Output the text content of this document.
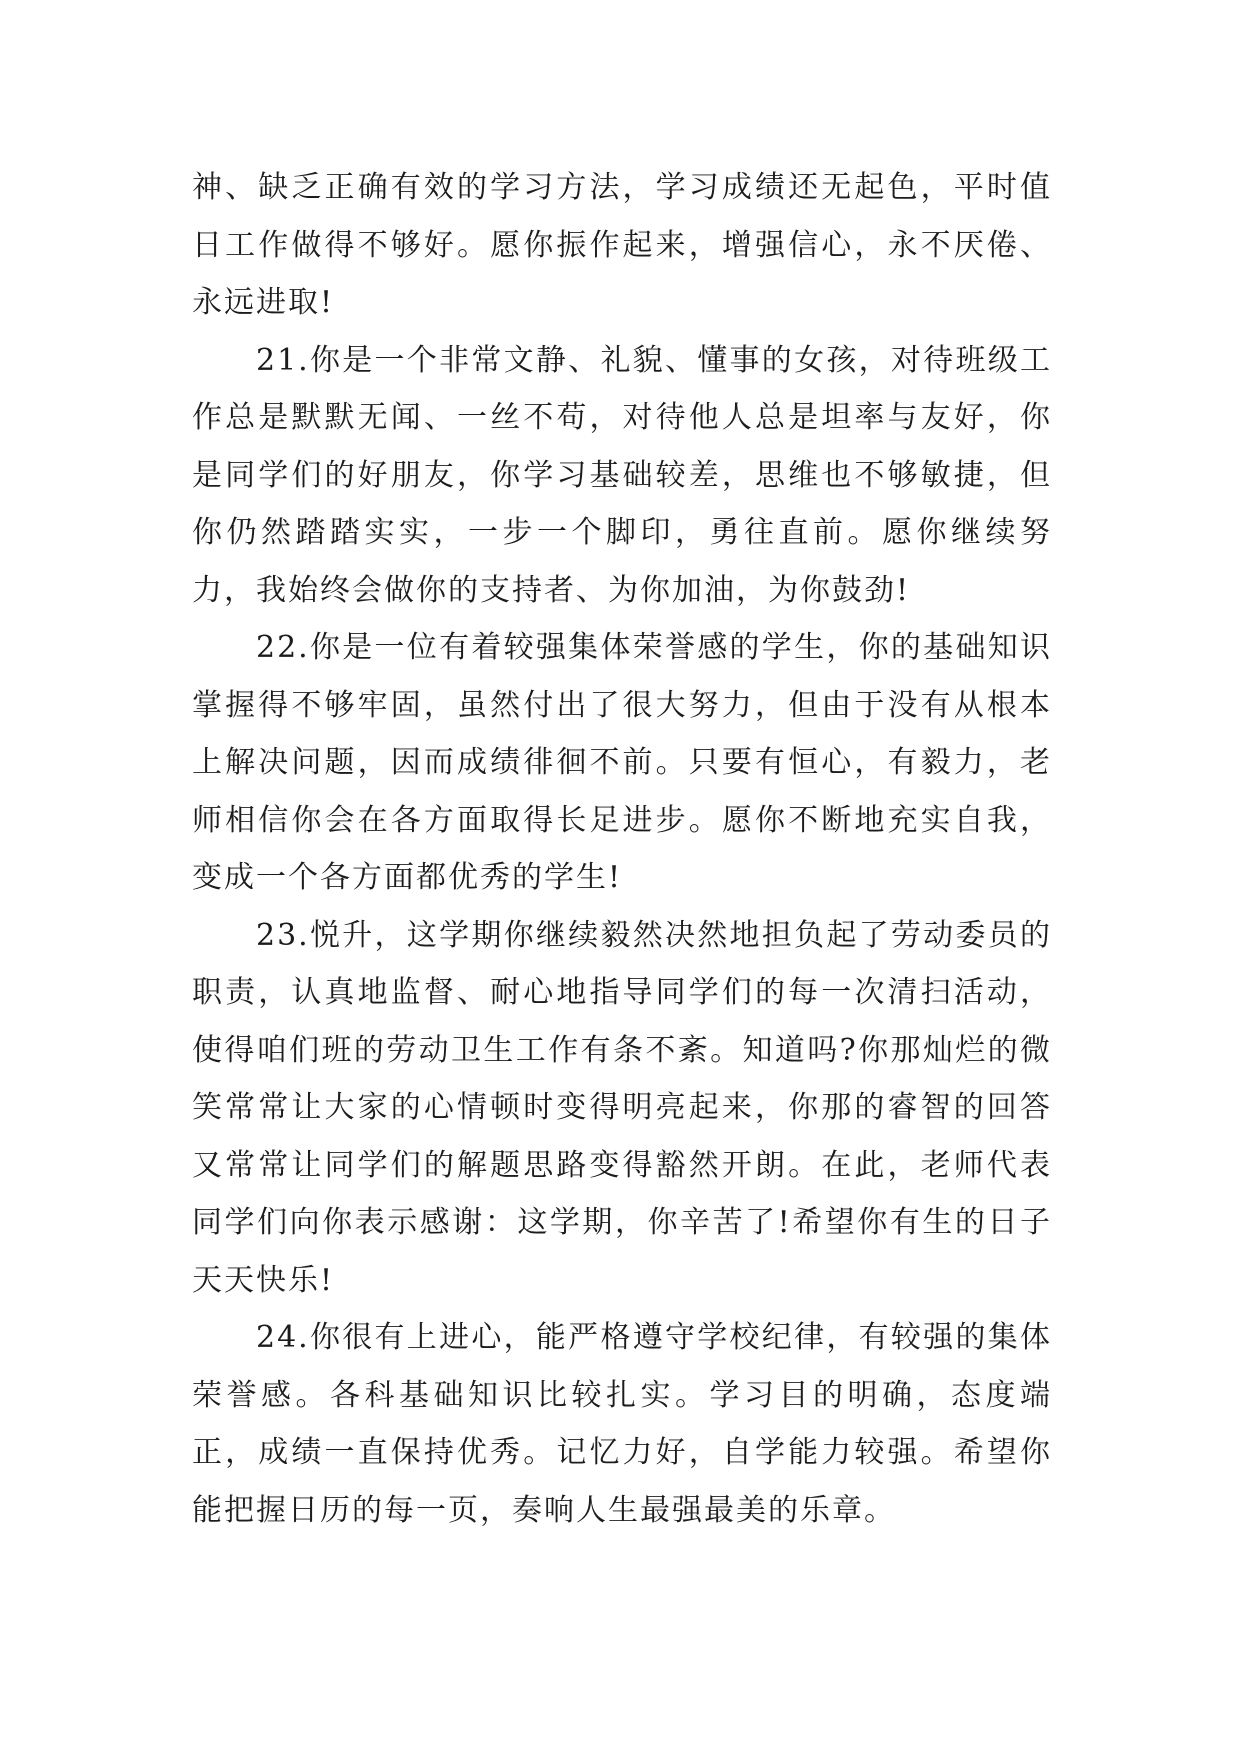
神、缺乏正确有效的学习方法，学习成绩还无起色，平时值日工作做得不够好。愿你振作起来，增强信心，永不厌倦、永远进取!

21.你是一个非常文静、礼貌、懂事的女孩，对待班级工作总是默默无闻、一丝不苟，对待他人总是坦率与友好，你是同学们的好朋友，你学习基础较差，思维也不够敏捷，但你仍然踏踏实实，一步一个脚印，勇往直前。愿你继续努力，我始终会做你的支持者、为你加油，为你鼓劲!

22.你是一位有着较强集体荣誉感的学生，你的基础知识掌握得不够牢固，虽然付出了很大努力，但由于没有从根本上解决问题，因而成绩徘徊不前。只要有恒心，有毅力，老师相信你会在各方面取得长足进步。愿你不断地充实自我，变成一个各方面都优秀的学生!

23.悦升，这学期你继续毅然决然地担负起了劳动委员的职责，认真地监督、耐心地指导同学们的每一次清扫活动，使得咱们班的劳动卫生工作有条不紊。知道吗?你那灿烂的微笑常常让大家的心情顿时变得明亮起来，你那的睿智的回答又常常让同学们的解题思路变得豁然开朗。在此，老师代表同学们向你表示感谢：这学期，你辛苦了!希望你有生的日子天天快乐!

24.你很有上进心，能严格遵守学校纪律，有较强的集体荣誉感。各科基础知识比较扎实。学习目的明确，态度端正，成绩一直保持优秀。记忆力好，自学能力较强。希望你能把握日历的每一页，奏响人生最强最美的乐章。
